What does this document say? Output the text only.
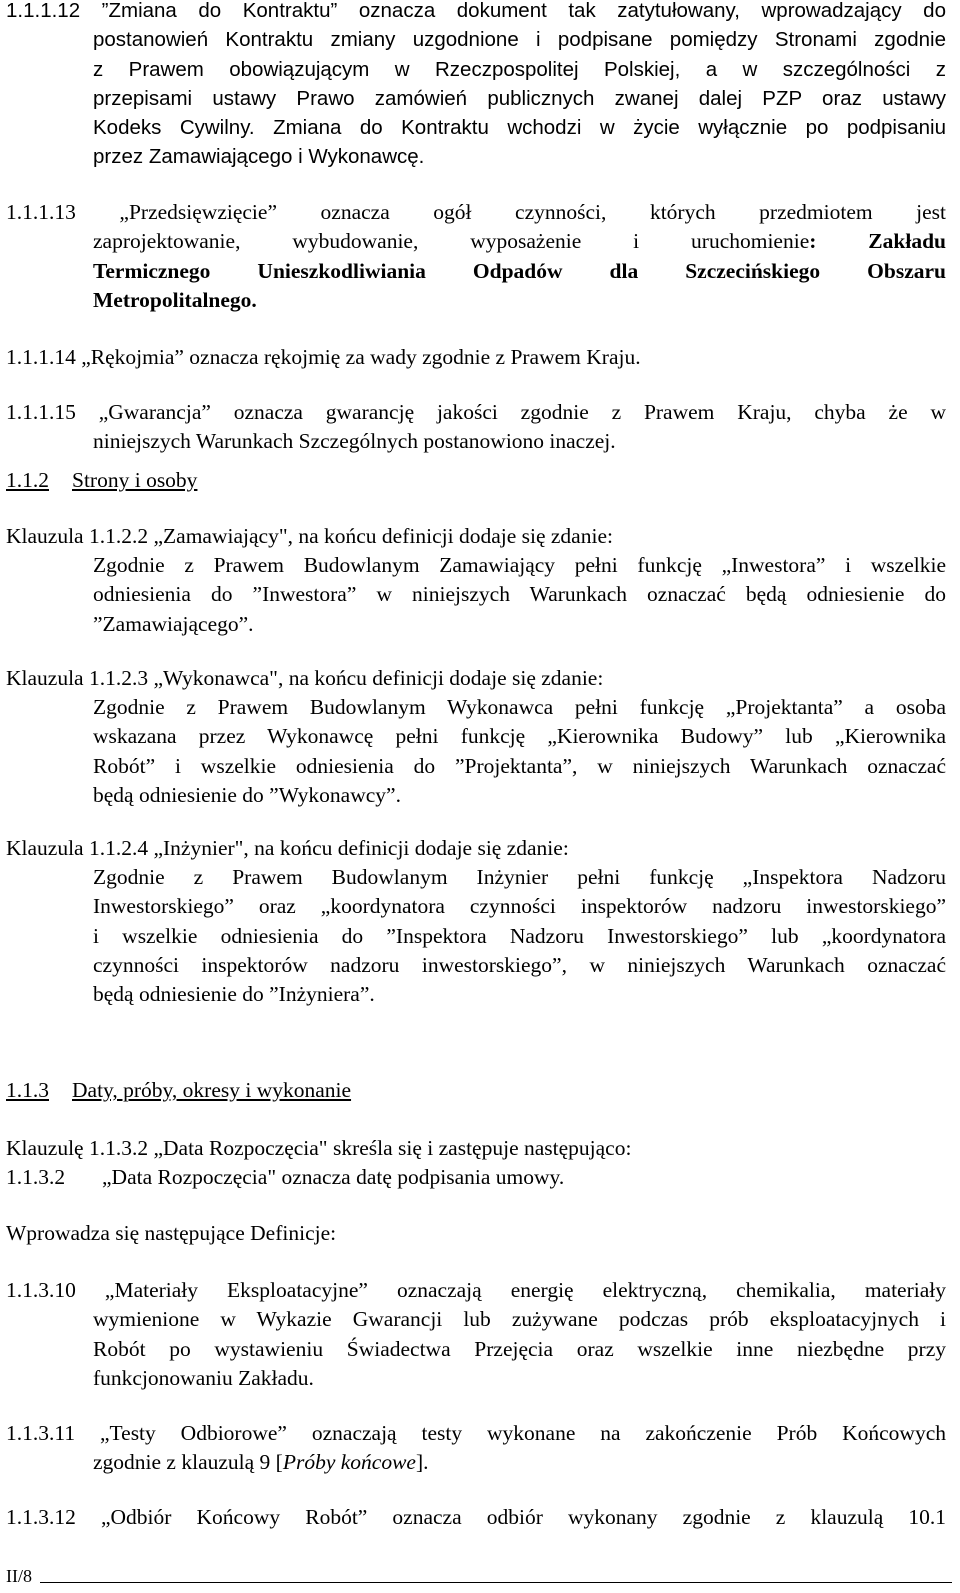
1.1.1.12 ”Zmiana do Kontraktu” oznacza dokument tak zatytułowany, wprowadzający do
postanowień Kontraktu zmiany uzgodnione i podpisane pomiędzy Stronami zgodnie
z Prawem obowiązującym w Rzeczpospolitej Polskiej, a w szczególności z
przepisami ustawy Prawo zamówień publicznych zwanej dalej PZP oraz ustawy
Kodeks Cywilny. Zmiana do Kontraktu wchodzi w życie wyłącznie po podpisaniu
przez Zamawiającego i Wykonawcę.
1.1.1.13 „Przedsięwzięcie” oznacza ogół czynności, których przedmiotem jest
zaprojektowanie, wybudowanie, wyposażenie i uruchomienie: Zakładu
Termicznego Unieszkodliwiania Odpadów dla Szczecińskiego Obszaru
Metropolitalnego.
1.1.1.14 „Rękojmia” oznacza rękojmię za wady zgodnie z Prawem Kraju.
1.1.1.15 „Gwarancja” oznacza gwarancję jakości zgodnie z Prawem Kraju, chyba że w
niniejszych Warunkach Szczególnych postanowiono inaczej.
1.1.2 Strony i osoby
Klauzula 1.1.2.2 „Zamawiający", na końcu definicji dodaje się zdanie:
Zgodnie z Prawem Budowlanym Zamawiający pełni funkcję „Inwestora” i wszelkie
odniesienia do ”Inwestora” w niniejszych Warunkach oznaczać będą odniesienie do
”Zamawiającego”.
Klauzula 1.1.2.3 „Wykonawca", na końcu definicji dodaje się zdanie:
Zgodnie z Prawem Budowlanym Wykonawca pełni funkcję „Projektanta” a osoba
wskazana przez Wykonawcę pełni funkcję „Kierownika Budowy” lub „Kierownika
Robót” i wszelkie odniesienia do ”Projektanta”, w niniejszych Warunkach oznaczać
będą odniesienie do ”Wykonawcy”.
Klauzula 1.1.2.4 „Inżynier", na końcu definicji dodaje się zdanie:
Zgodnie z Prawem Budowlanym Inżynier pełni funkcję „Inspektora Nadzoru
Inwestorskiego” oraz „koordynatora czynności inspektorów nadzoru inwestorskiego”
i wszelkie odniesienia do ”Inspektora Nadzoru Inwestorskiego” lub „koordynatora
czynności inspektorów nadzoru inwestorskiego”, w niniejszych Warunkach oznaczać
będą odniesienie do ”Inżyniera”.
1.1.3 Daty, próby, okresy i wykonanie
Klauzulę 1.1.3.2 „Data Rozpoczęcia" skreśla się i zastępuje następująco:
1.1.3.2 „Data Rozpoczęcia" oznacza datę podpisania umowy.
Wprowadza się następujące Definicje:
1.1.3.10 „Materiały Eksploatacyjne” oznaczają energię elektryczną, chemikalia, materiały
wymienione w Wykazie Gwarancji lub zużywane podczas prób eksploatacyjnych i
Robót po wystawieniu Świadectwa Przejęcia oraz wszelkie inne niezbędne przy
funkcjonowaniu Zakładu.
1.1.3.11 „Testy Odbiorowe” oznaczają testy wykonane na zakończenie Prób Końcowych
zgodnie z klauzulą 9 [Próby końcowe].
1.1.3.12 „Odbiór Końcowy Robót” oznacza odbiór wykonany zgodnie z klauzulą 10.1
II/8
